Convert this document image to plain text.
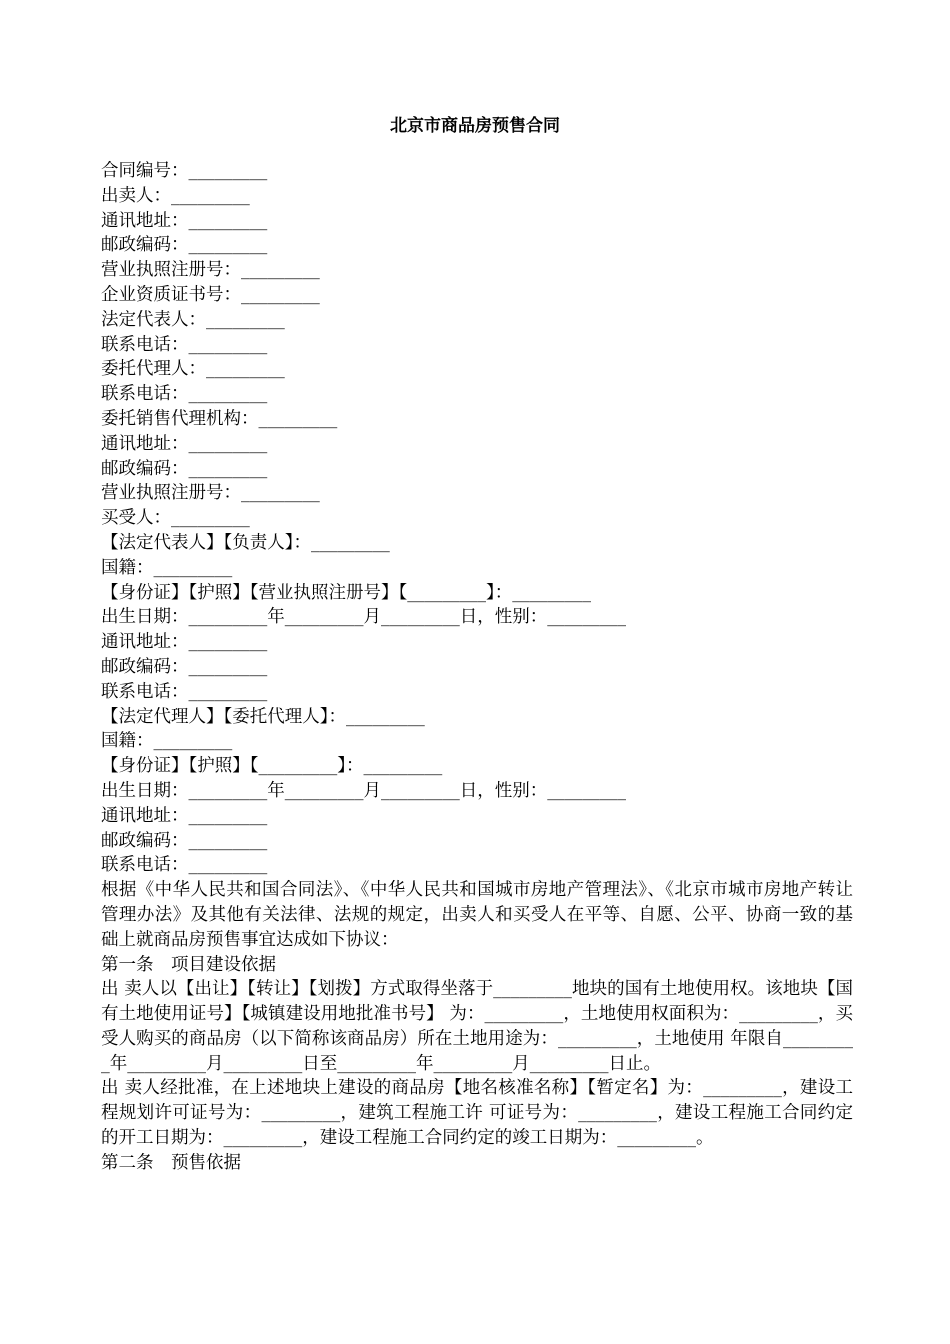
北京市商品房预售合同
合同编号：_________
出卖人：_________
通讯地址：_________
邮政编码：_________
营业执照注册号：_________
企业资质证书号：_________
法定代表人：_________
联系电话：_________
委托代理人：_________
联系电话：_________
委托销售代理机构：_________
通讯地址：_________
邮政编码：_________
营业执照注册号：_________
买受人：_________
【法定代表人】【负责人】：_________
国籍：_________
【身份证】【护照】【营业执照注册号】【_________】：_________
出生日期：_________年_________月_________日，性别：_________
通讯地址：_________
邮政编码：_________
联系电话：_________
【法定代理人】【委托代理人】：_________
国籍：_________
【身份证】【护照】【_________】：_________
出生日期：_________年_________月_________日，性别：_________
通讯地址：_________
邮政编码：_________
联系电话：_________
根据《中华人民共和国合同法》、《中华人民共和国城市房地产管理法》、《北京市城市房地产转让管理办法》及其他有关法律、法规的规定，出卖人和买受人在平等、自愿、公平、协商一致的基础上就商品房预售事宜达成如下协议：
第一条　项目建设依据
出 卖人以【出让】【转让】【划拨】方式取得坐落于_________地块的国有土地使用权。该地块【国有土地使用证号】【城镇建设用地批准书号】 为：_________，土地使用权面积为：_________，买受人购买的商品房（以下简称该商品房）所在土地用途为：_________，土地使用 年限自_________年_________月_________日至_________年_________月_________日止。
出 卖人经批准，在上述地块上建设的商品房【地名核准名称】【暂定名】为：_________，建设工程规划许可证号为：_________，建筑工程施工许 可证号为：_________，建设工程施工合同约定的开工日期为：_________，建设工程施工合同约定的竣工日期为：_________。
第二条　预售依据
